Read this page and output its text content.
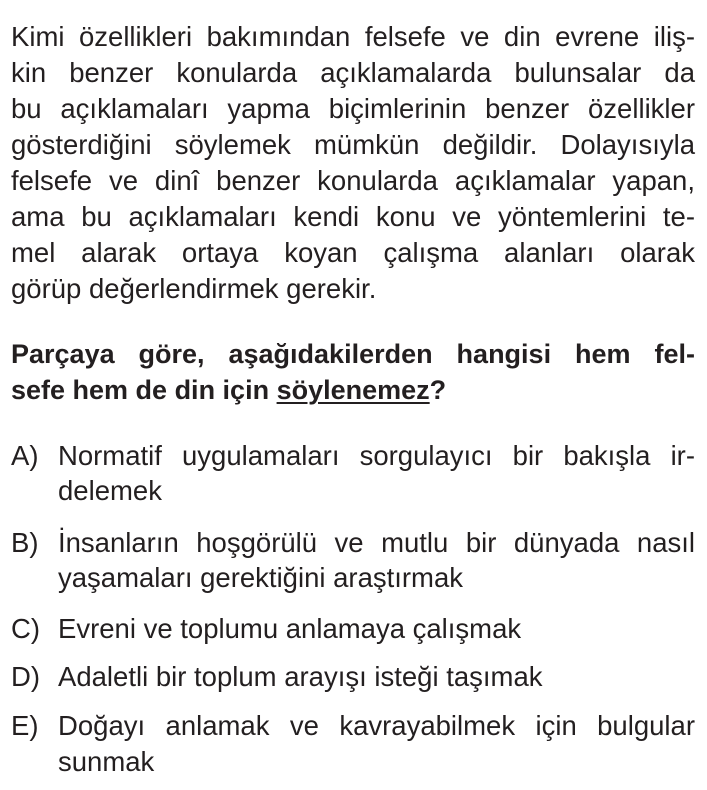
Kimi özellikleri bakımından felsefe ve din evrene iliş-
kin benzer konularda açıklamalarda bulunsalar da
bu açıklamaları yapma biçimlerinin benzer özellikler
gösterdiğini söylemek mümkün değildir. Dolayısıyla
felsefe ve dinî benzer konularda açıklamalar yapan,
ama bu açıklamaları kendi konu ve yöntemlerini te-
mel alarak ortaya koyan çalışma alanları olarak
görüp değerlendirmek gerekir.
Parçaya göre, aşağıdakilerden hangisi hem fel-
sefe hem de din için söylenemez?
A) Normatif uygulamaları sorgulayıcı bir bakışla ir-
delemek
B) İnsanların hoşgörülü ve mutlu bir dünyada nasıl
yaşamaları gerektiğini araştırmak
C) Evreni ve toplumu anlamaya çalışmak
D) Adaletli bir toplum arayışı isteği taşımak
E) Doğayı anlamak ve kavrayabilmek için bulgular
sunmak
